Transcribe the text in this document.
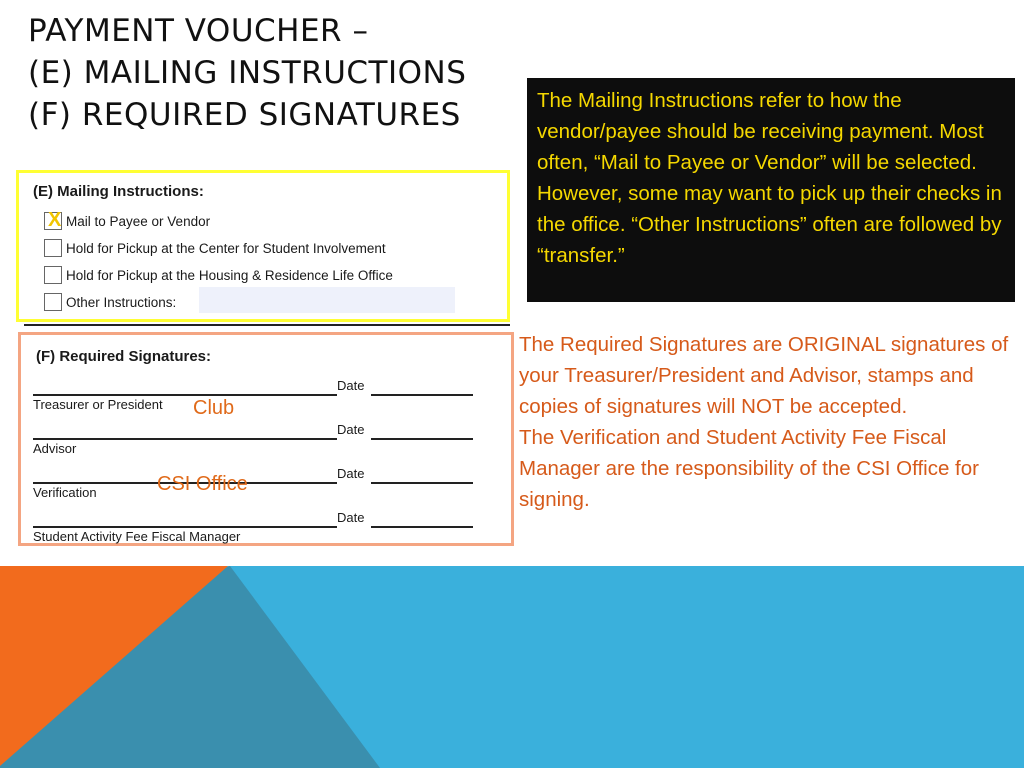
PAYMENT VOUCHER –
(E) MAILING INSTRUCTIONS
(F) REQUIRED SIGNATURES
(E) Mailing Instructions:
X Mail to Payee or Vendor
Hold for Pickup at the Center for Student Involvement
Hold for Pickup at the Housing & Residence Life Office
Other Instructions:
(F) Required Signatures:
Date
Treasurer or President
Date
Advisor
Date
Verification
Date
Student Activity Fee Fiscal Manager
Club
CSI Office
The Mailing Instructions refer to how the vendor/payee should be receiving payment. Most often, “Mail to Payee or Vendor” will be selected. However, some may want to pick up their checks in the office. “Other Instructions” often are followed by “transfer.”

The Required Signatures are ORIGINAL signatures of your Treasurer/President and Advisor, stamps and copies of signatures will NOT be accepted.

The Verification and Student Activity Fee Fiscal Manager are the responsibility of the CSI Office for signing.
